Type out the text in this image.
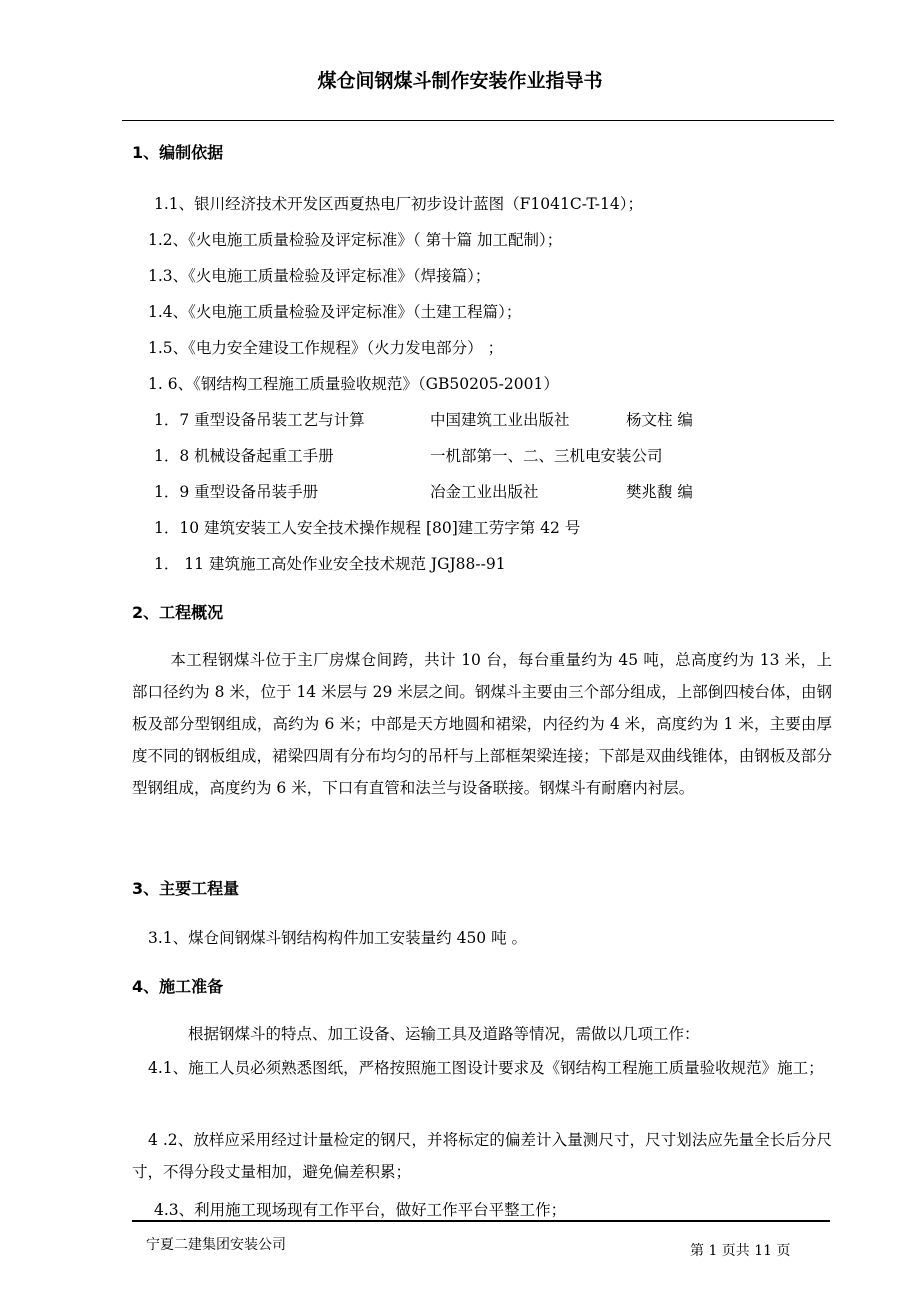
煤仓间钢煤斗制作安装作业指导书
1、编制依据
1.1、银川经济技术开发区西夏热电厂初步设计蓝图（F1041C-T-14）；
1.2、《火电施工质量检验及评定标准》（ 第十篇 加工配制）；
1.3、《火电施工质量检验及评定标准》（焊接篇）；
1.4、《火电施工质量检验及评定标准》（土建工程篇）；
1.5、《电力安全建设工作规程》（火力发电部分） ；
1. 6、《钢结构工程施工质量验收规范》（GB50205-2001）
1．7 重型设备吊装工艺与计算	中国建筑工业出版社	杨文柱 编
1．8 机械设备起重工手册	一机部第一、二、三机电安装公司
1．9 重型设备吊装手册	冶金工业出版社	樊兆馥 编
1．10 建筑安装工人安全技术操作规程 [80]建工劳字第 42 号
1． 11 建筑施工高处作业安全技术规范 JGJ88--91
2、工程概况
本工程钢煤斗位于主厂房煤仓间跨，共计 10 台，每台重量约为 45 吨，总高度约为 13 米，上部口径约为 8 米，位于 14 米层与 29 米层之间。钢煤斗主要由三个部分组成，上部倒四棱台体，由钢板及部分型钢组成，高约为 6 米；中部是天方地圆和裙梁，内径约为 4 米，高度约为 1 米，主要由厚度不同的钢板组成，裙梁四周有分布均匀的吊杆与上部框架梁连接；下部是双曲线锥体，由钢板及部分型钢组成，高度约为 6 米，下口有直管和法兰与设备联接。钢煤斗有耐磨内衬层。
3、主要工程量
3.1、煤仓间钢煤斗钢结构构件加工安装量约 450 吨 。
4、施工准备
根据钢煤斗的特点、加工设备、运输工具及道路等情况，需做以几项工作：
4.1、施工人员必须熟悉图纸，严格按照施工图设计要求及《钢结构工程施工质量验收规范》施工；
4 .2、放样应采用经过计量检定的钢尺，并将标定的偏差计入量测尺寸，尺寸划法应先量全长后分尺寸，不得分段丈量相加，避免偏差积累；
4.3、利用施工现场现有工作平台，做好工作平台平整工作；
宁夏二建集团安装公司	第 1 页共 11 页
